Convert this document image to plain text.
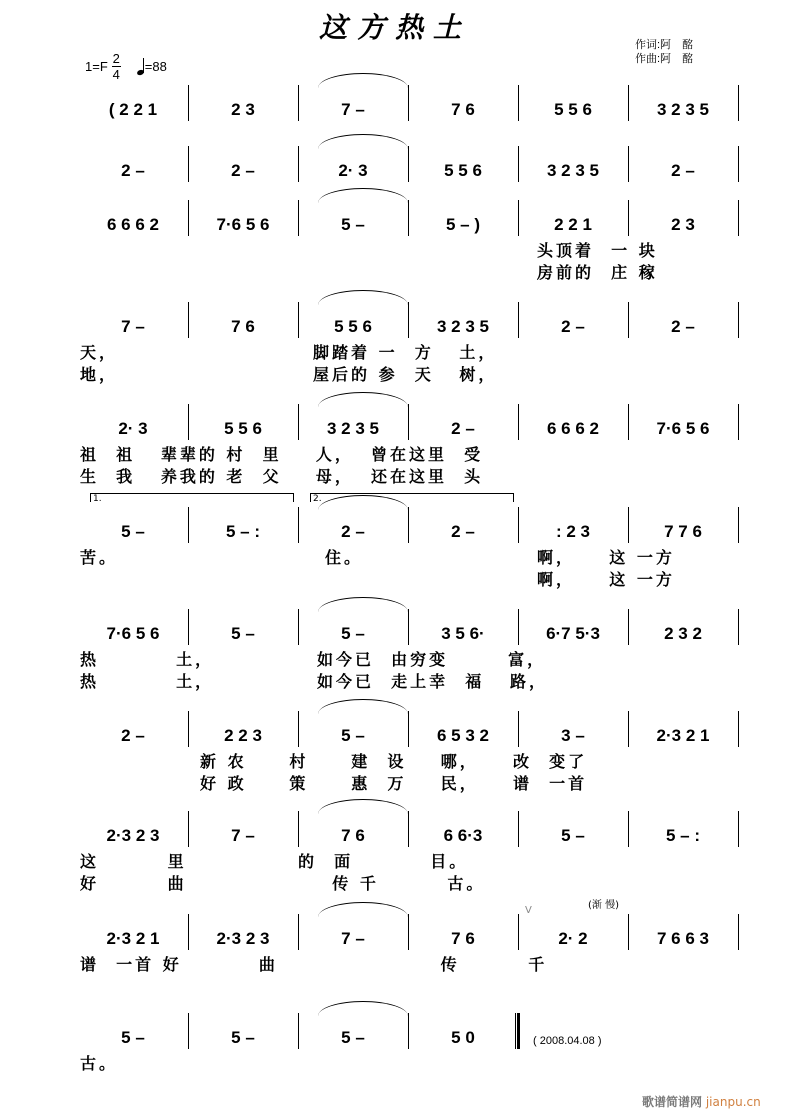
这方热土
$1=F \frac{2}{4} =88$
作词:阿　酩
作曲:阿　酩
( 2 2 1	2 3	7 –	7 6	5 5 6	3 2 3 5
2 –	2 –	2· 3	5 5 6	3 2 3 5	2 –
6 6 6 2	7·6 5 6	5 –	5 – )	2 2 1	2 3
头顶着  一 块
房前的  庄 稼
7 –	7 6	5 5 6	3 2 3 5	2 –	2 –
天，	脚踏着 一  方   土，
地，	屋后的 参  天   树，
2· 3	5 5 6	3 2 3 5	2 –	6 6 6 2	7·6 5 6
祖  祖   辈辈的 村  里    人，  曾在这里  受
生  我   养我的 老  父    母，  还在这里  头
5 –	5 – :	2 –	2 –	: 2 3	7 7 6
1.	2.
苦。	住。	啊，    这 一方
啊，    这 一方
7·6 5 6	5 –	5 –	3 5 6·	6·7 5·3	2 3 2
热         土，            如今已  由穷变       富，
热         土，            如今已  走上幸  福   路，
2 –	2 2 3	5 –	6 5 3 2	3 –	2·3 2 1
新 农     村     建  设    哪，    改  变了
好 政     策     惠  万    民，    谱  一首
2·3 2 3	7 –	7 6	6 6·3	5 –	5 – :
这        里             的  面         目。
好        曲                 传 千        古。
2·3 2 1	2·3 2 3	7 –	7 6	2· 2	7 6 6 3
谱  一首 好         曲                   传        千
5 –	5 –	5 –	5 0
古。
(渐 慢)
V
( 2008.04.08 )
歌谱简谱网 jianpu.cn
